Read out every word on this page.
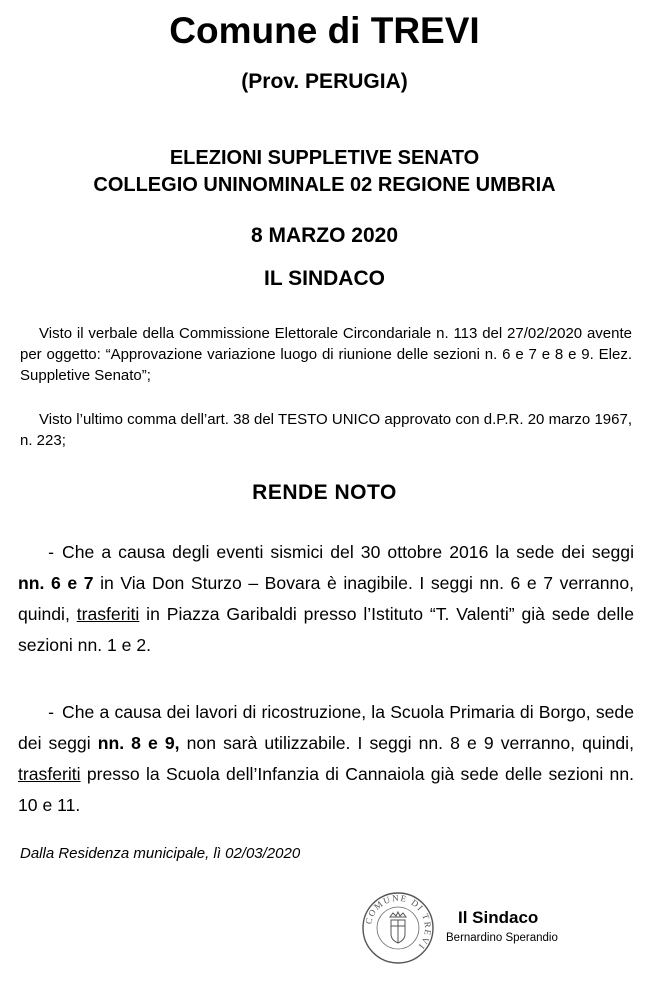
Comune di TREVI
(Prov. PERUGIA)
ELEZIONI SUPPLETIVE SENATO
COLLEGIO UNINOMINALE 02 REGIONE UMBRIA
8 MARZO 2020
IL SINDACO
Visto il verbale della Commissione Elettorale Circondariale n. 113 del 27/02/2020 avente per oggetto: “Approvazione variazione luogo di riunione delle sezioni n. 6 e 7 e 8 e 9. Elez. Suppletive Senato”;
Visto l’ultimo comma dell’art. 38 del TESTO UNICO approvato con d.P.R. 20 marzo 1967, n. 223;
RENDE NOTO
- Che a causa degli eventi sismici del 30 ottobre 2016 la sede dei seggi nn. 6 e 7 in Via Don Sturzo – Bovara è inagibile. I seggi nn. 6 e 7 verranno, quindi, trasferiti in Piazza Garibaldi presso l’Istituto “T. Valenti” già sede delle sezioni nn. 1 e 2.
- Che a causa dei lavori di ricostruzione, la Scuola Primaria di Borgo, sede dei seggi nn. 8 e 9, non sarà utilizzabile. I seggi nn. 8 e 9 verranno, quindi, trasferiti presso la Scuola dell’Infanzia di Cannaiola già sede delle sezioni nn. 10 e 11.
Dalla Residenza municipale, lì 02/03/2020
COMUNE DI TREVI
Il Sindaco
Bernardino Sperandio
